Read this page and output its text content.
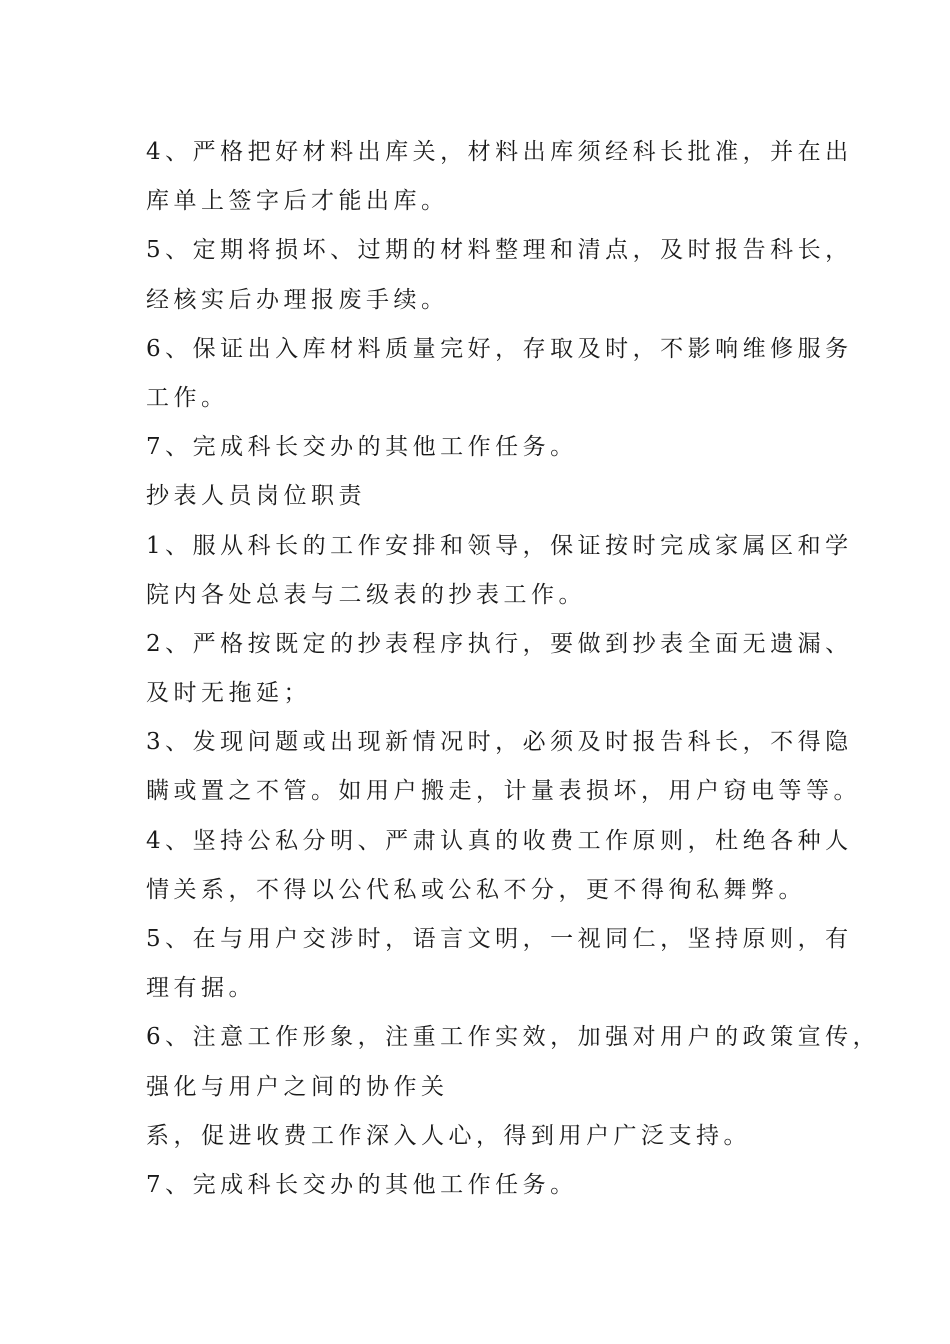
4、严格把好材料出库关，材料出库须经科长批准，并在出
库单上签字后才能出库。
5、定期将损坏、过期的材料整理和清点，及时报告科长，
经核实后办理报废手续。
6、保证出入库材料质量完好，存取及时，不影响维修服务
工作。
7、完成科长交办的其他工作任务。
抄表人员岗位职责
1、服从科长的工作安排和领导，保证按时完成家属区和学
院内各处总表与二级表的抄表工作。
2、严格按既定的抄表程序执行，要做到抄表全面无遗漏、
及时无拖延；
3、发现问题或出现新情况时，必须及时报告科长，不得隐
瞒或置之不管。如用户搬走，计量表损坏，用户窃电等等。
4、坚持公私分明、严肃认真的收费工作原则，杜绝各种人
情关系，不得以公代私或公私不分，更不得徇私舞弊。
5、在与用户交涉时，语言文明，一视同仁，坚持原则，有
理有据。
6、注意工作形象，注重工作实效，加强对用户的政策宣传，
强化与用户之间的协作关
系，促进收费工作深入人心，得到用户广泛支持。
7、完成科长交办的其他工作任务。
